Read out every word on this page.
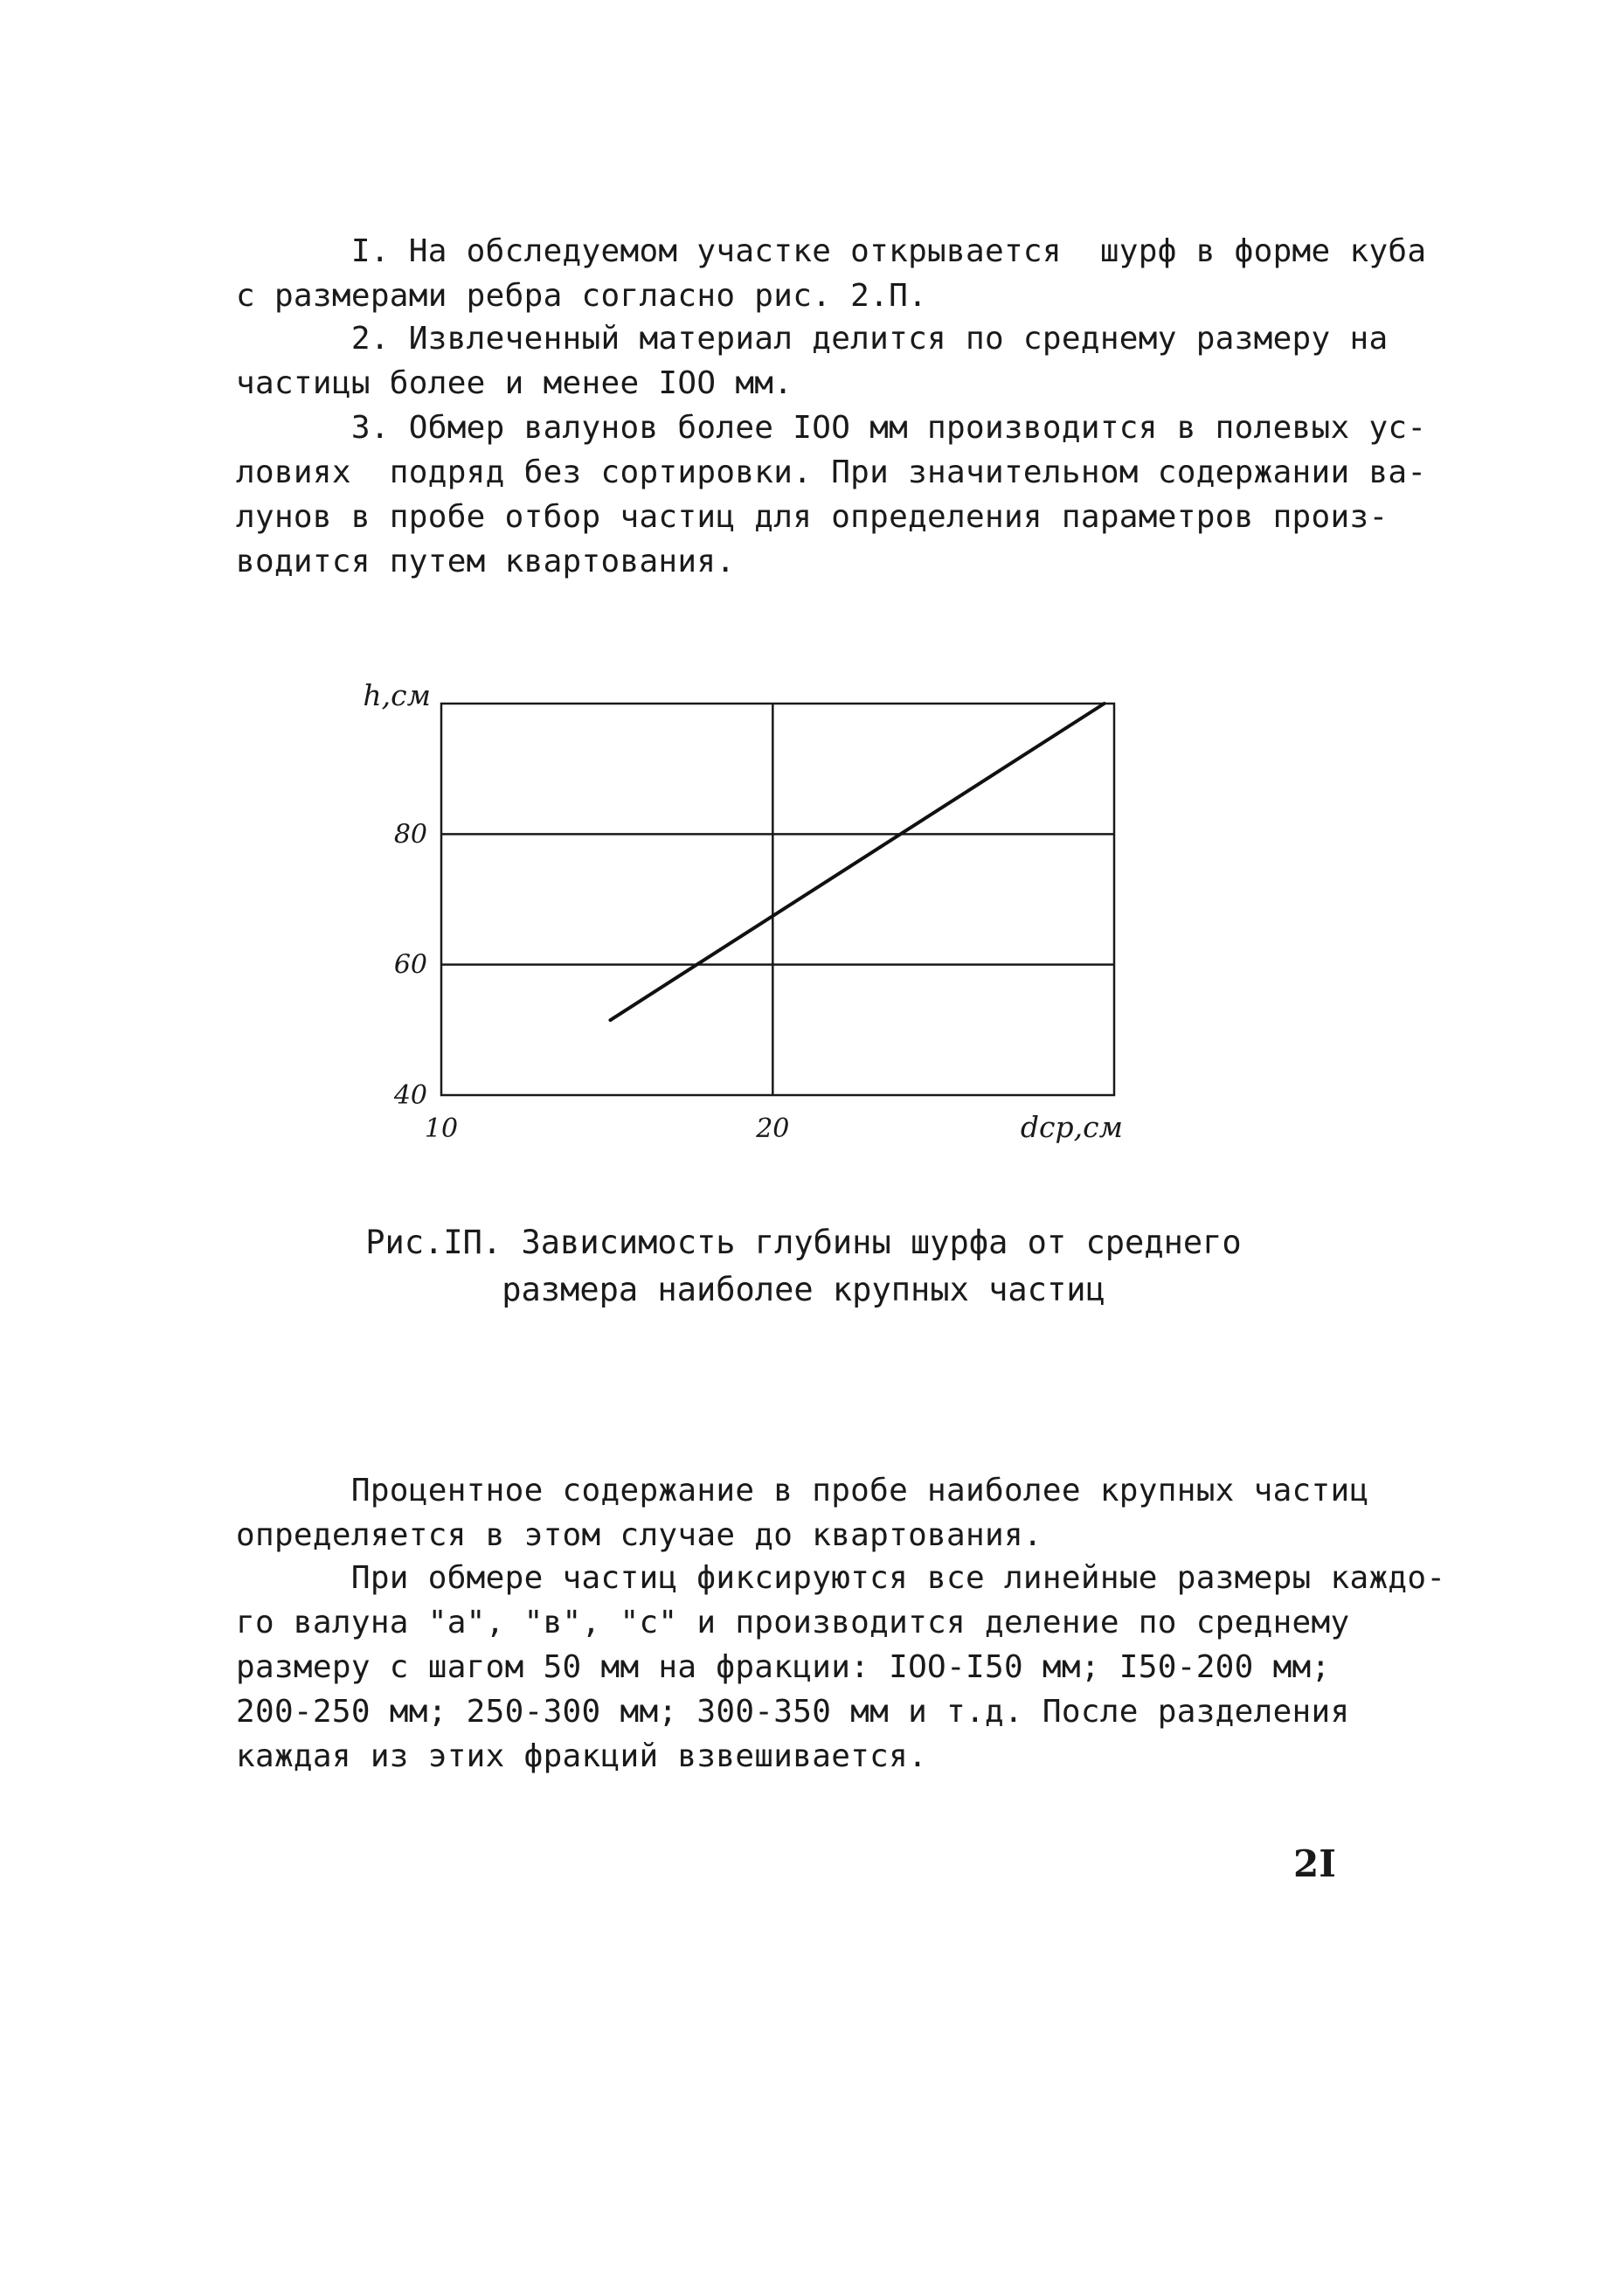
I. На обследуемом участке открывается  шурф в форме куба
с размерами ребра согласно рис. 2.П.

2. Извлеченный материал делится по среднему размеру на
частицы более и менее IOO мм.

3. Обмер валунов более IOO мм производится в полевых ус-
ловиях  подряд без сортировки. При значительном содержании ва-
лунов в пробе отбор частиц для определения параметров произ-
водится путем квартования.

40
60
80
10	20
h,см
dср,см

Рис.IП. Зависимость глубины шурфа от среднего
размера наиболее крупных частиц

Процентное содержание в пробе наиболее крупных частиц
определяется в этом случае до квартования.

При обмере частиц фиксируются все линейные размеры каждо-
го валуна "а", "в", "с" и производится деление по среднему
размеру с шагом 50 мм на фракции: IOO-I50 мм; I50-200 мм;
200-250 мм; 250-300 мм; 300-350 мм и т.д. После разделения
каждая из этих фракций взвешивается.

2I
